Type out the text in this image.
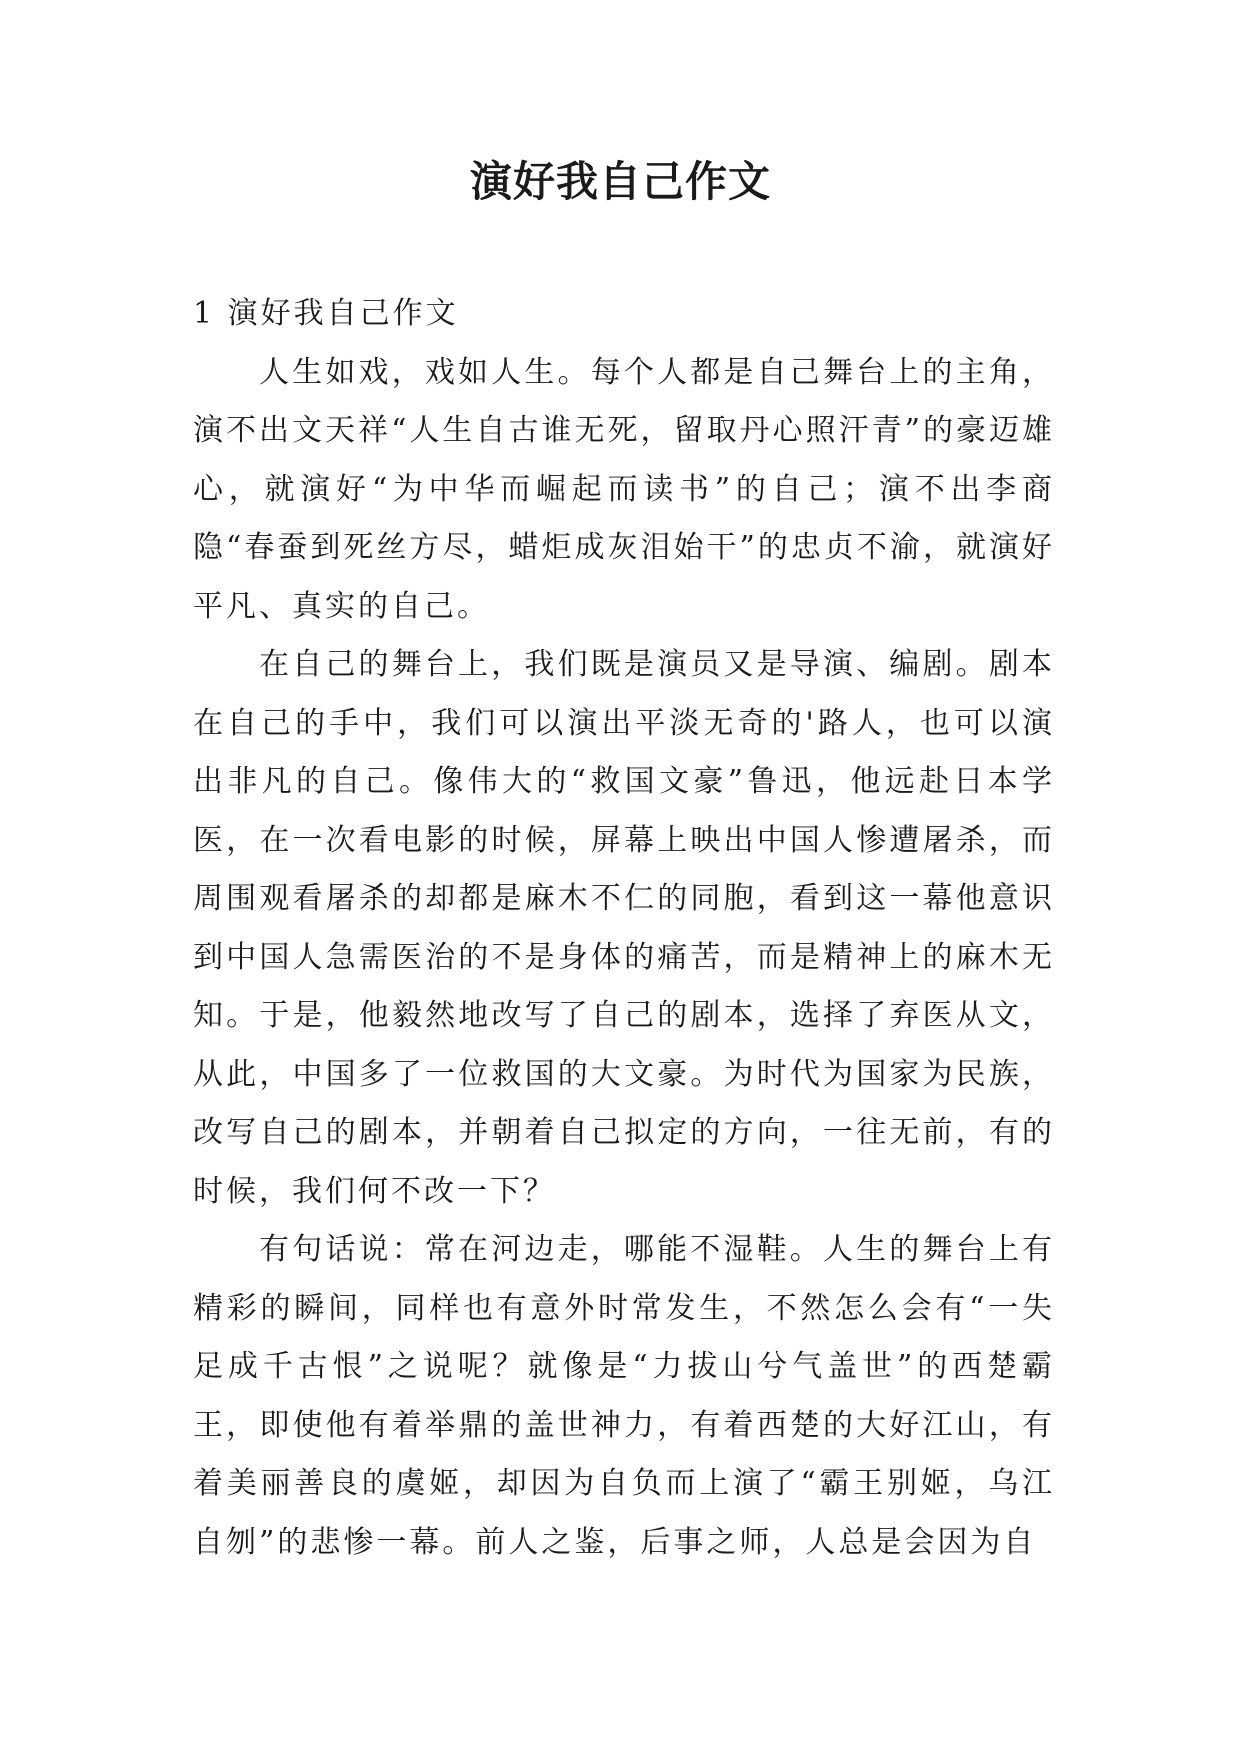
演好我自己作文

1 演好我自己作文

人生如戏，戏如人生。每个人都是自己舞台上的主角，演不出文天祥“人生自古谁无死，留取丹心照汗青”的豪迈雄心，就演好“为中华而崛起而读书”的自己；演不出李商隐“春蚕到死丝方尽，蜡炬成灰泪始干”的忠贞不渝，就演好平凡、真实的自己。

在自己的舞台上，我们既是演员又是导演、编剧。剧本在自己的手中，我们可以演出平淡无奇的'路人，也可以演出非凡的自己。像伟大的“救国文豪”鲁迅，他远赴日本学医，在一次看电影的时候，屏幕上映出中国人惨遭屠杀，而周围观看屠杀的却都是麻木不仁的同胞，看到这一幕他意识到中国人急需医治的不是身体的痛苦，而是精神上的麻木无知。于是，他毅然地改写了自己的剧本，选择了弃医从文，从此，中国多了一位救国的大文豪。为时代为国家为民族，改写自己的剧本，并朝着自己拟定的方向，一往无前，有的时候，我们何不改一下？

有句话说：常在河边走，哪能不湿鞋。人生的舞台上有精彩的瞬间，同样也有意外时常发生，不然怎么会有“一失足成千古恨”之说呢？就像是“力拔山兮气盖世”的西楚霸王，即使他有着举鼎的盖世神力，有着西楚的大好江山，有着美丽善良的虞姬，却因为自负而上演了“霸王别姬，乌江自刎”的悲惨一幕。前人之鉴，后事之师，人总是会因为自
